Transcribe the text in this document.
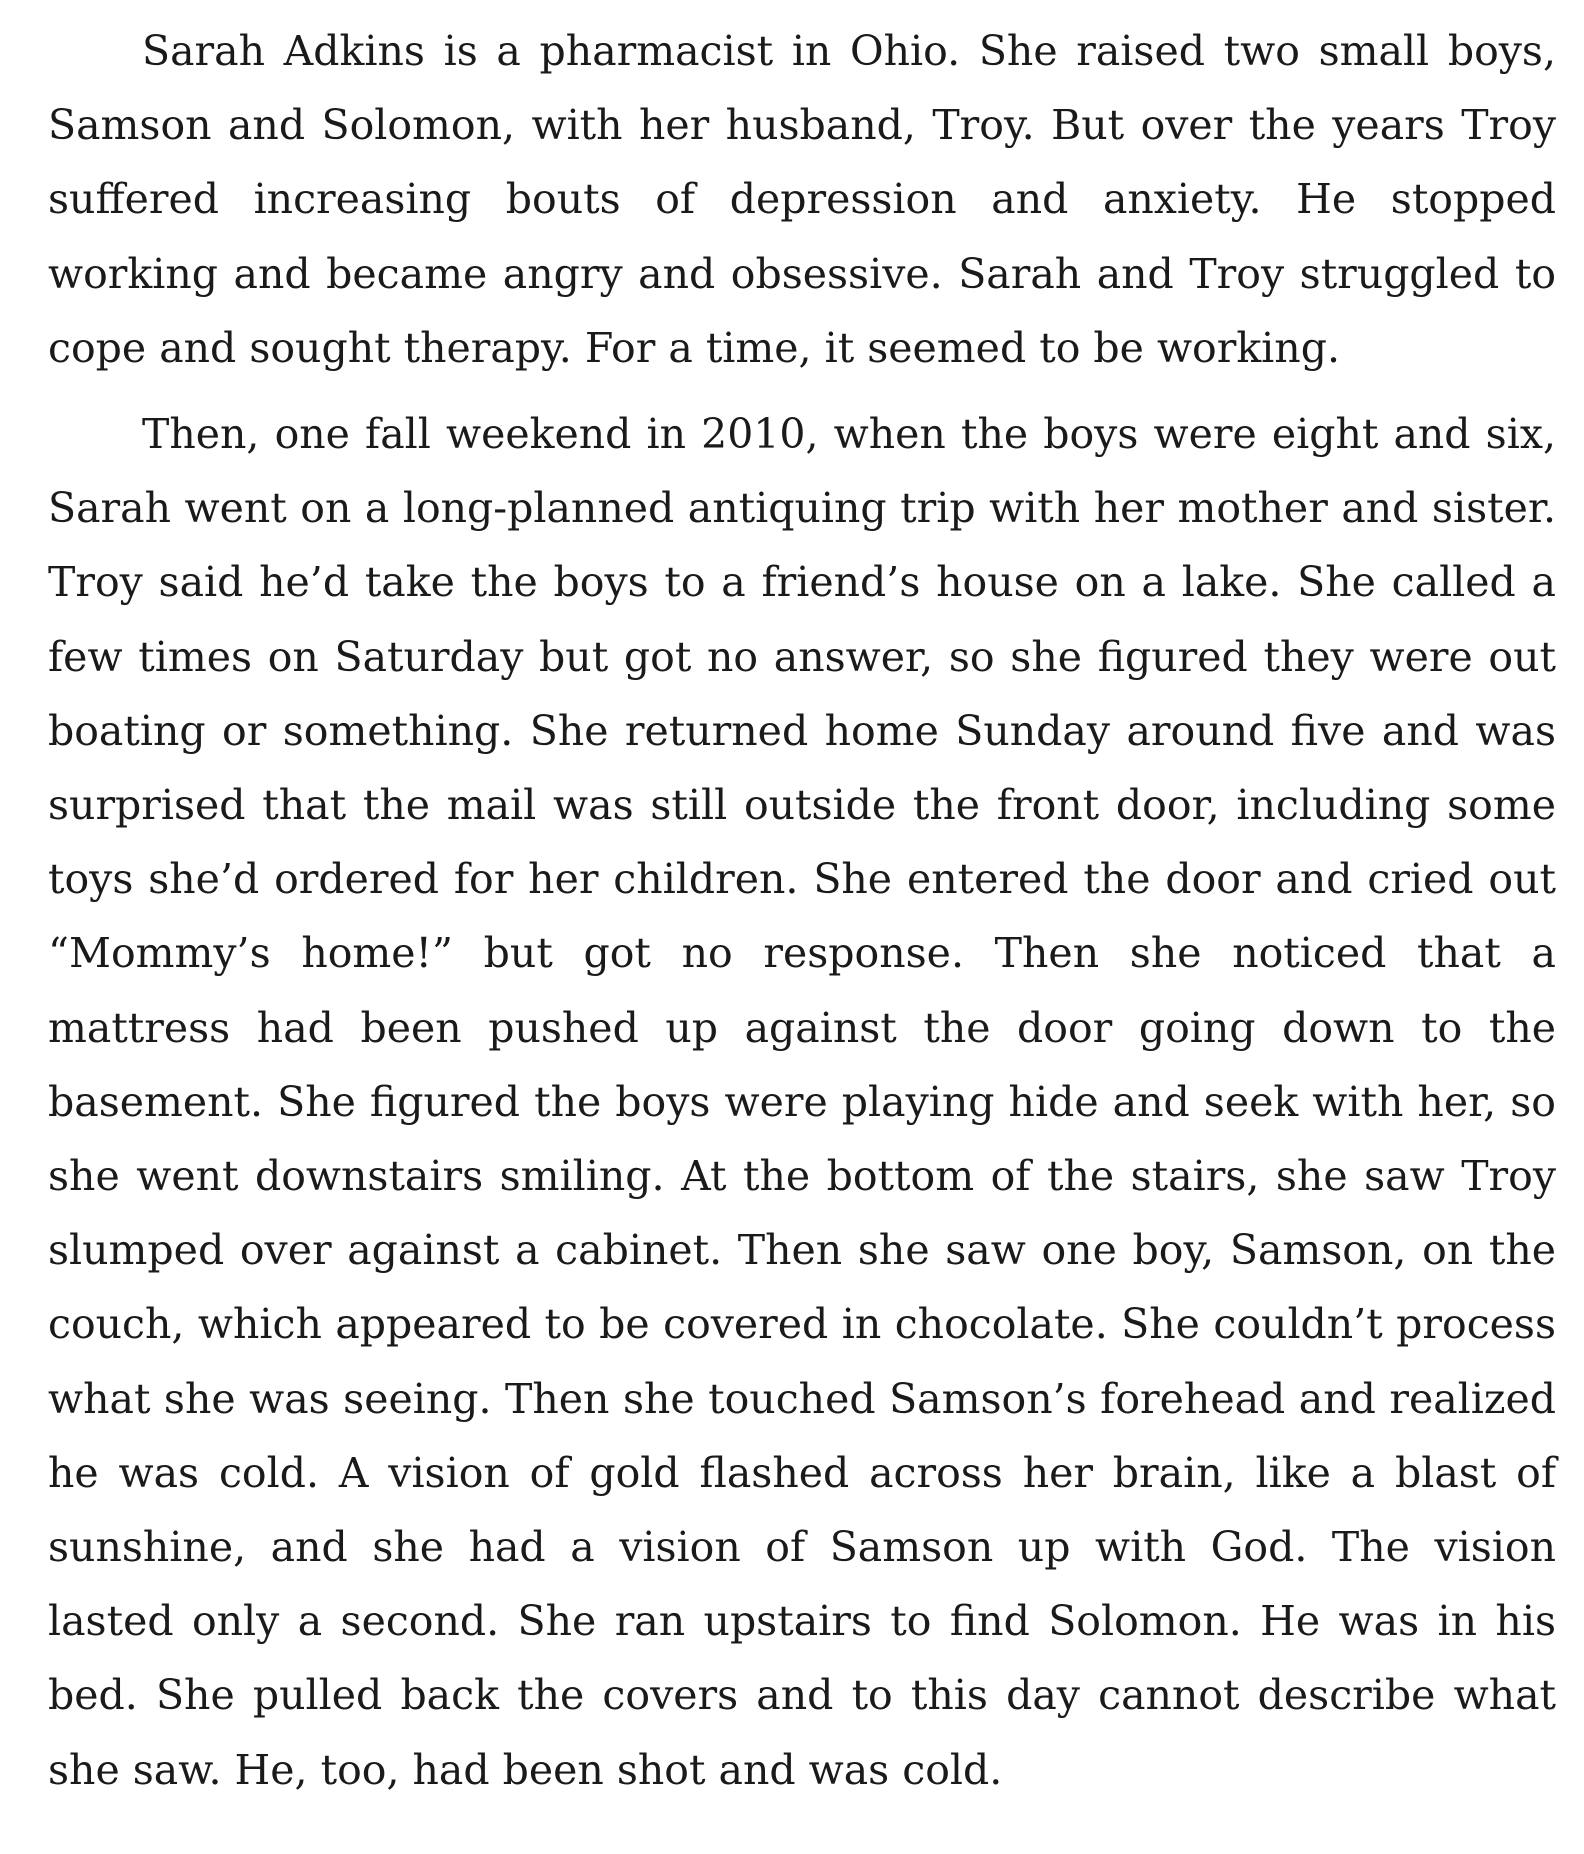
Sarah Adkins is a pharmacist in Ohio. She raised two small boys, Samson and Solomon, with her husband, Troy. But over the years Troy suffered increasing bouts of depression and anxiety. He stopped working and became angry and obsessive. Sarah and Troy struggled to cope and sought therapy. For a time, it seemed to be working.

Then, one fall weekend in 2010, when the boys were eight and six, Sarah went on a long-planned antiquing trip with her mother and sister. Troy said he’d take the boys to a friend’s house on a lake. She called a few times on Saturday but got no answer, so she figured they were out boating or something. She returned home Sunday around five and was surprised that the mail was still outside the front door, including some toys she’d ordered for her children. She entered the door and cried out “Mommy’s home!” but got no response. Then she noticed that a mattress had been pushed up against the door going down to the basement. She figured the boys were playing hide and seek with her, so she went downstairs smiling. At the bottom of the stairs, she saw Troy slumped over against a cabinet. Then she saw one boy, Samson, on the couch, which appeared to be covered in chocolate. She couldn’t process what she was seeing. Then she touched Samson’s forehead and realized he was cold. A vision of gold flashed across her brain, like a blast of sunshine, and she had a vision of Samson up with God. The vision lasted only a second. She ran upstairs to find Solomon. He was in his bed. She pulled back the covers and to this day cannot describe what she saw. He, too, had been shot and was cold.
